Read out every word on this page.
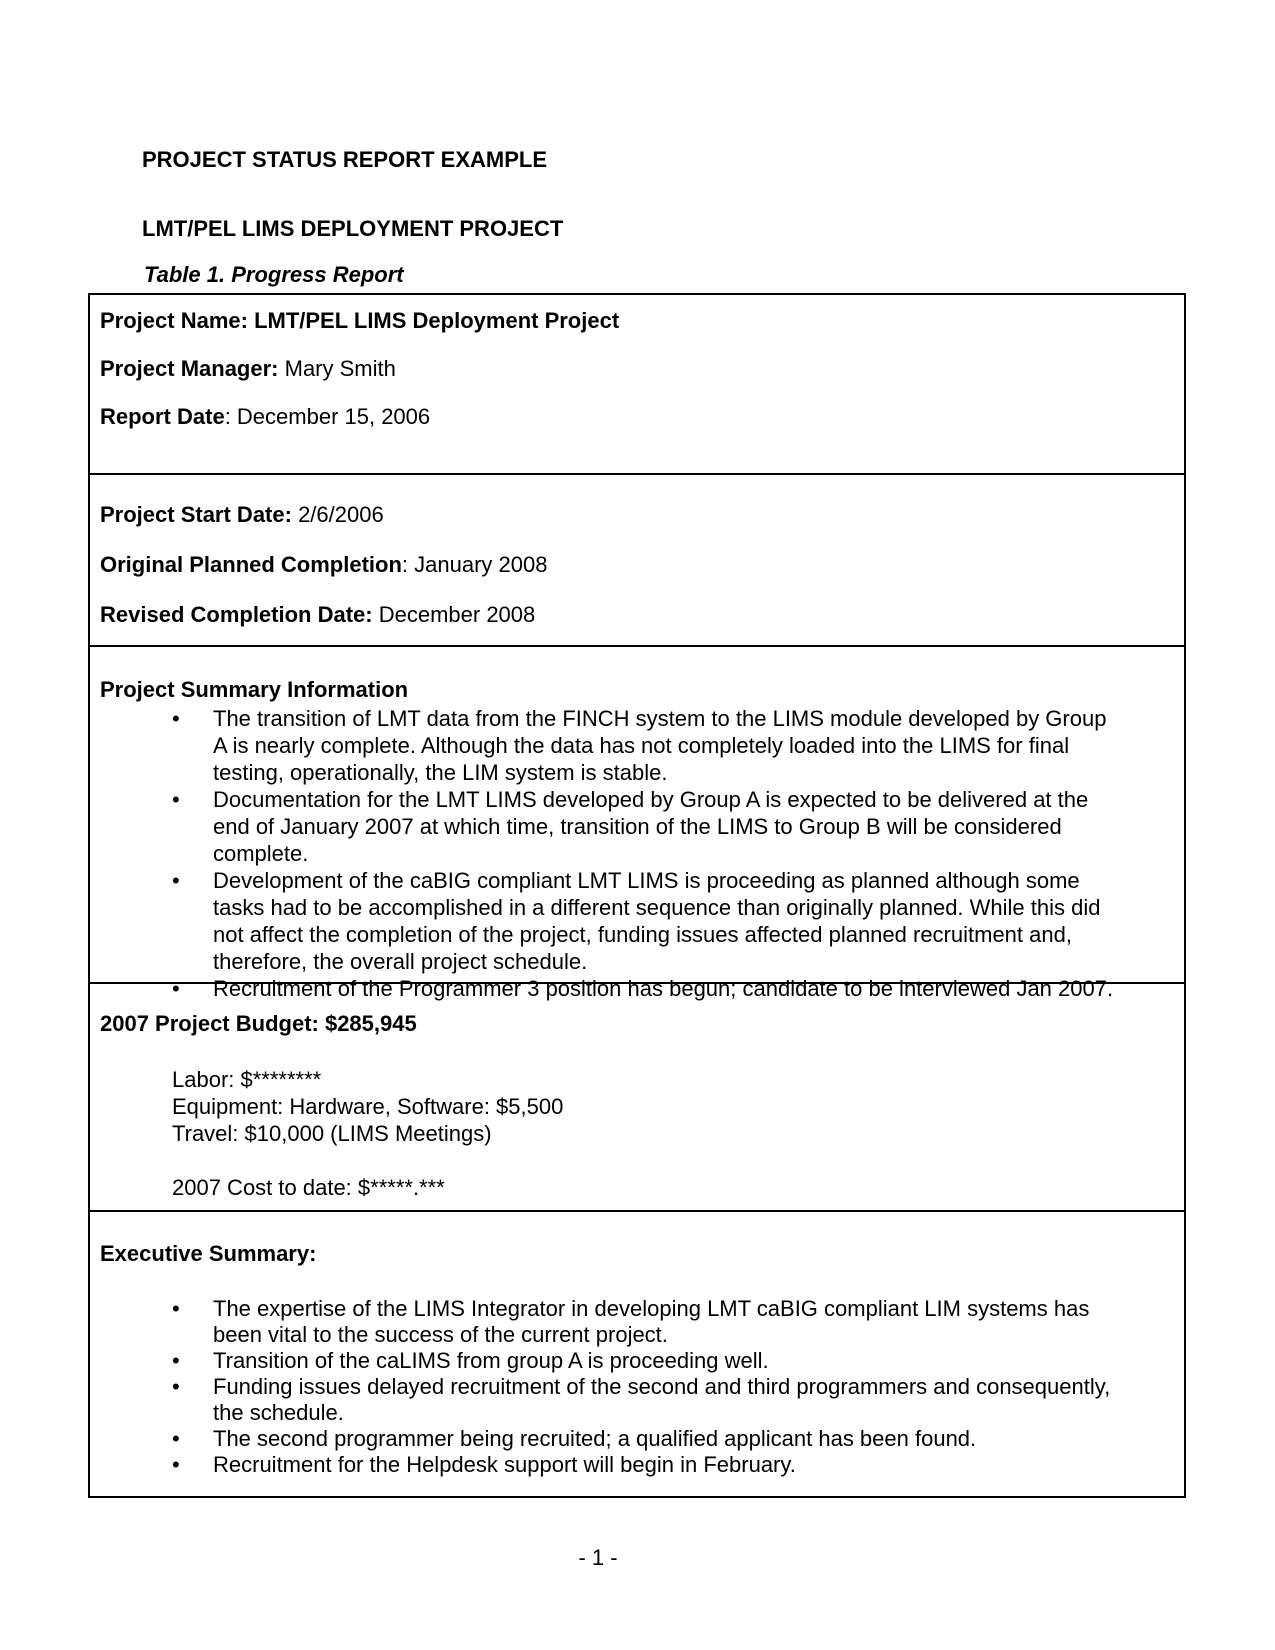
PROJECT STATUS REPORT EXAMPLE
LMT/PEL LIMS DEPLOYMENT PROJECT
Table 1. Progress Report

Project Name: LMT/PEL LIMS Deployment Project

Project Manager: Mary Smith

Report Date: December 15, 2006

Project Start Date: 2/6/2006

Original Planned Completion: January 2008

Revised Completion Date: December 2008

Project Summary Information

•	The transition of LMT data from the FINCH system to the LIMS module developed by Group A is nearly complete. Although the data has not completely loaded into the LIMS for final testing, operationally, the LIM system is stable.
•	Documentation for the LMT LIMS developed by Group A is expected to be delivered at the end of January 2007 at which time, transition of the LIMS to Group B will be considered complete.
•	Development of the caBIG compliant LMT LIMS is proceeding as planned although some tasks had to be accomplished in a different sequence than originally planned. While this did not affect the completion of the project, funding issues affected planned recruitment and, therefore, the overall project schedule.
•	Recruitment of the Programmer 3 position has begun; candidate to be interviewed Jan 2007.

2007 Project Budget: $285,945

Labor: $********

Equipment: Hardware, Software: $5,500

Travel: $10,000 (LIMS Meetings)

2007 Cost to date: $*****.***

Executive Summary:

•	The expertise of the LIMS Integrator in developing LMT caBIG compliant LIM systems has been vital to the success of the current project.
•	Transition of the caLIMS from group A is proceeding well.
•	Funding issues delayed recruitment of the second and third programmers and consequently, the schedule.
•	The second programmer being recruited; a qualified applicant has been found.
•	Recruitment for the Helpdesk support will begin in February.
- 1 -
